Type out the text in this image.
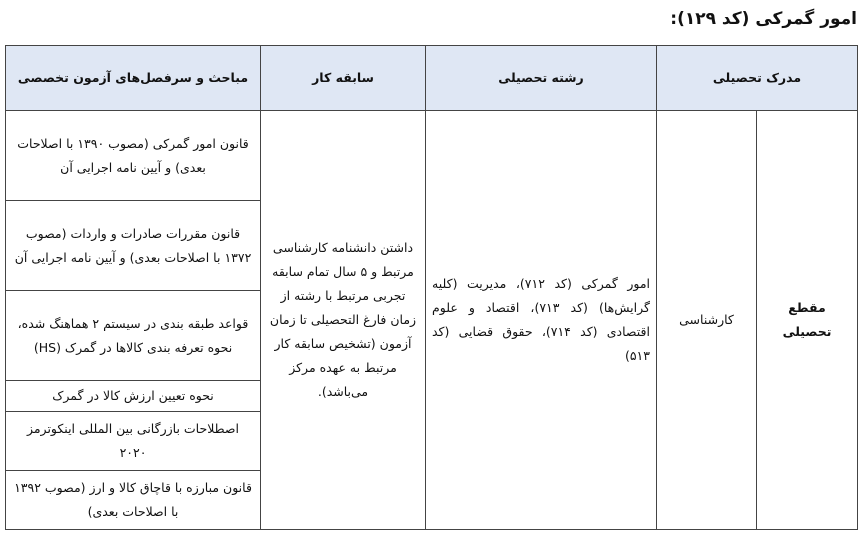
امور گمرکی (کد ۱۲۹):
مدرک تحصیلی		رشته تحصیلی	سابقه کار	مباحث و سرفصل‌های آزمون تخصصی
مقطع تحصیلی	کارشناسی	امور گمرکی (کد ۷۱۲)، مدیریت (کلیه گرایش‌ها) (کد ۷۱۳)، اقتصاد و علوم اقتصادی (کد ۷۱۴)، حقوق قضایی (کد ۵۱۳)	داشتن دانشنامه کارشناسی مرتبط و ۵ سال تمام سابقه تجربی مرتبط با رشته از زمان فارغ التحصیلی تا زمان آزمون (تشخیص سابقه کار مرتبط به عهده مرکز می‌باشد).	قانون امور گمرکی (مصوب ۱۳۹۰ با اصلاحات بعدی) و آیین نامه اجرایی آن
				قانون مقررات صادرات و واردات (مصوب ۱۳۷۲ با اصلاحات بعدی) و آیین نامه اجرایی آن
				قواعد طبقه بندی در سیستم ۲ هماهنگ شده، نحوه تعرفه بندی کالاها در گمرک (HS)
				نحوه تعیین ارزش کالا در گمرک
				اصطلاحات بازرگانی بین المللی اینکوترمز ۲۰۲۰
				قانون مبارزه با قاچاق کالا و ارز (مصوب ۱۳۹۲ با اصلاحات بعدی)
